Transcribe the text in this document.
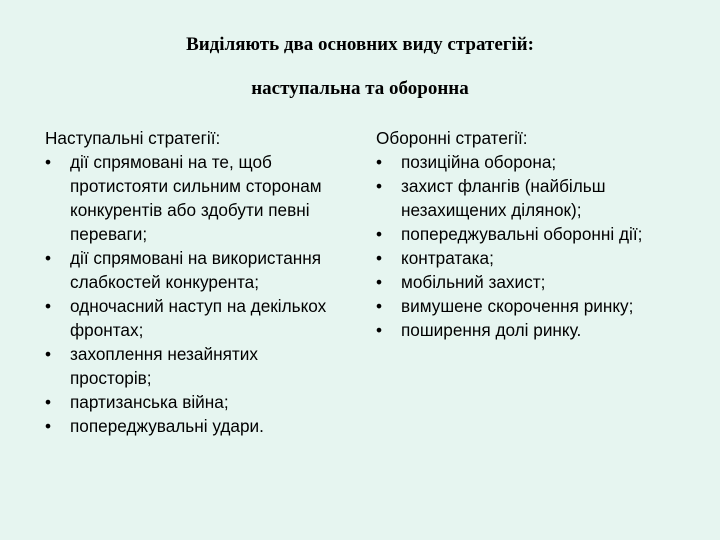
Виділяють два основних виду стратегій:
наступальна та оборонна

Наступальні стратегії:

• дії спрямовані на те, щоб протистояти сильним сторонам конкурентів або здобути певні переваги;
• дії спрямовані на використання слабкостей конкурента;
• одночасний наступ на декількох фронтах;
• захоплення незайнятих просторів;
• партизанська війна;
• попереджувальні удари.

Оборонні стратегії:

• позиційна оборона;
• захист флангів (найбільш незахищених ділянок);
• попереджувальні оборонні дії;
• контратака;
• мобільний захист;
• вимушене скорочення ринку;
• поширення долі ринку.
